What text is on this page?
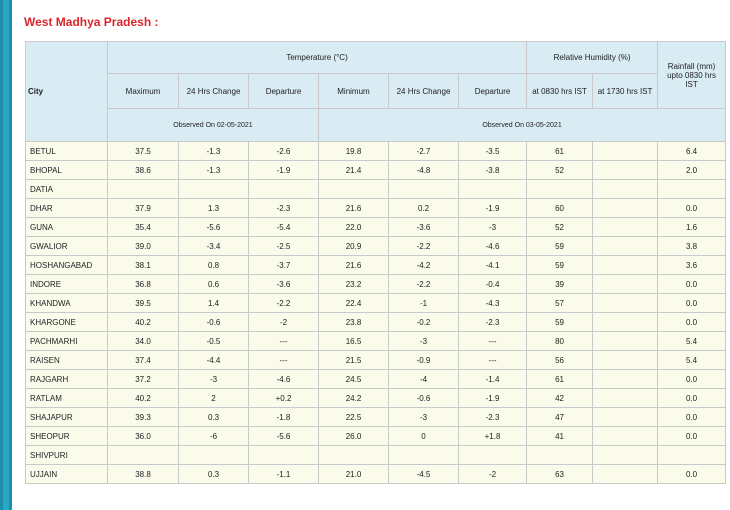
West Madhya Pradesh :
City	Temperature (°C)						Relative Humidity (%)		Rainfall (mm) upto 0830 hrs IST	
	Maximum	24 Hrs Change	Departure	Minimum	24 Hrs Change	Departure	at 0830 hrs IST	at 1730 hrs IST		
	Observed On 02-05-2021			Observed On 03-05-2021						
BETUL	37.5	-1.3	-2.6	19.8	-2.7	-3.5	61		6.4	
BHOPAL	38.6	-1.3	-1.9	21.4	-4.8	-3.8	52		2.0	
DATIA										
DHAR	37.9	1.3	-2.3	21.6	0.2	-1.9	60		0.0	
GUNA	35.4	-5.6	-5.4	22.0	-3.6	-3	52		1.6	
GWALIOR	39.0	-3.4	-2.5	20.9	-2.2	-4.6	59		3.8	
HOSHANGABAD	38.1	0.8	-3.7	21.6	-4.2	-4.1	59		3.6	
INDORE	36.8	0.6	-3.6	23.2	-2.2	-0.4	39		0.0	
KHANDWA	39.5	1.4	-2.2	22.4	-1	-4.3	57		0.0	
KHARGONE	40.2	-0.6	-2	23.8	-0.2	-2.3	59		0.0	
PACHMARHI	34.0	-0.5	---	16.5	-3	---	80		5.4	
RAISEN	37.4	-4.4	---	21.5	-0.9	---	56		5.4	
RAJGARH	37.2	-3	-4.6	24.5	-4	-1.4	61		0.0	
RATLAM	40.2	2	+0.2	24.2	-0.6	-1.9	42		0.0	
SHAJAPUR	39.3	0.3	-1.8	22.5	-3	-2.3	47		0.0	
SHEOPUR	36.0	-6	-5.6	26.0	0	+1.8	41		0.0	
SHIVPURI										
UJJAIN	38.8	0.3	-1.1	21.0	-4.5	-2	63		0.0	
